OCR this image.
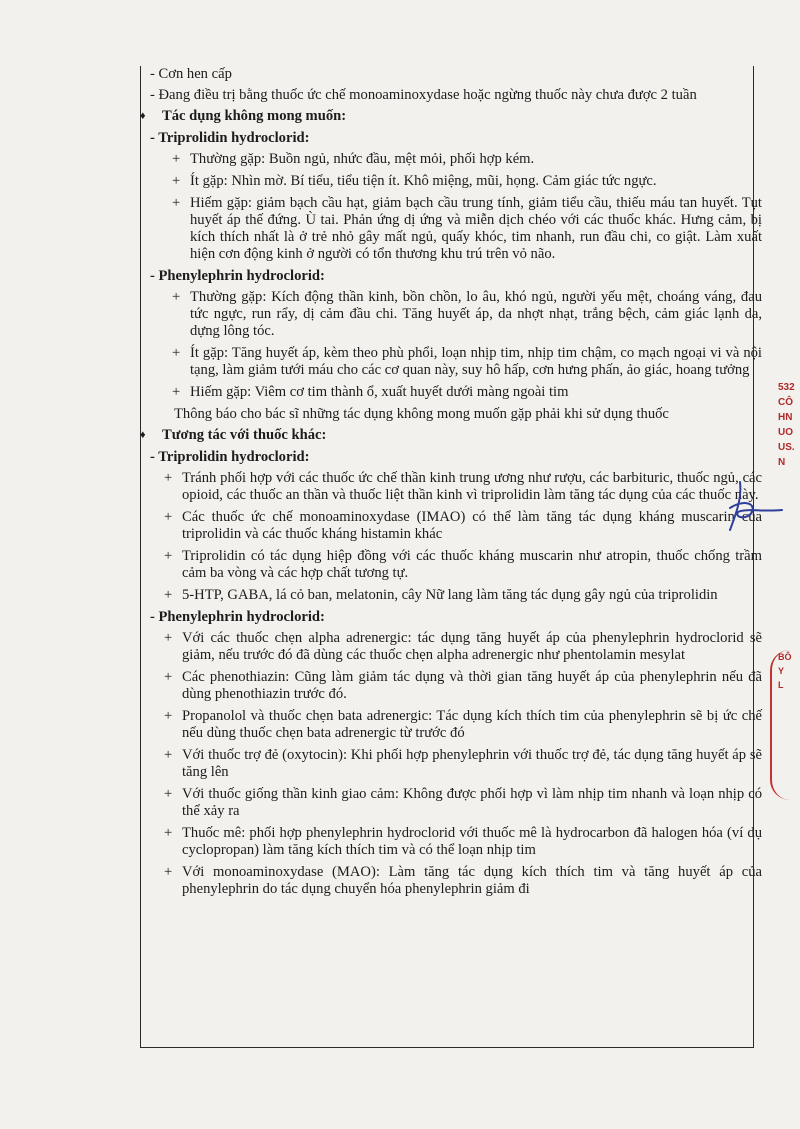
- Cơn hen cấp

- Đang điều trị bằng thuốc ức chế monoaminoxydase hoặc ngừng thuốc này chưa được 2 tuần

♦ Tác dụng không mong muốn:

- Triprolidin hydroclorid:

+ Thường gặp: Buồn ngủ, nhức đầu, mệt mỏi, phối hợp kém.
+ Ít gặp: Nhìn mờ. Bí tiểu, tiểu tiện ít. Khô miệng, mũi, họng. Cảm giác tức ngực.
+ Hiếm gặp: giảm bạch cầu hạt, giảm bạch cầu trung tính, giảm tiểu cầu, thiếu máu tan huyết. Tụt huyết áp thế đứng. Ù tai. Phản ứng dị ứng và miễn dịch chéo với các thuốc khác. Hưng cảm, bị kích thích nhất là ở trẻ nhỏ gây mất ngủ, quấy khóc, tim nhanh, run đầu chi, co giật. Làm xuất hiện cơn động kinh ở người có tổn thương khu trú trên vỏ não.

- Phenylephrin hydroclorid:

+ Thường gặp: Kích động thần kinh, bồn chồn, lo âu, khó ngủ, người yếu mệt, choáng váng, đau tức ngực, run rẩy, dị cảm đầu chi. Tăng huyết áp, da nhợt nhạt, trắng bệch, cảm giác lạnh da, dựng lông tóc.
+ Ít gặp: Tăng huyết áp, kèm theo phù phổi, loạn nhịp tim, nhịp tim chậm, co mạch ngoại vi và nội tạng, làm giảm tưới máu cho các cơ quan này, suy hô hấp, cơn hưng phấn, ảo giác, hoang tưởng
+ Hiếm gặp: Viêm cơ tim thành ổ, xuất huyết dưới màng ngoài tim

Thông báo cho bác sĩ những tác dụng không mong muốn gặp phải khi sử dụng thuốc

♦ Tương tác với thuốc khác:

- Triprolidin hydroclorid:

+ Tránh phối hợp với các thuốc ức chế thần kinh trung ương như rượu, các barbituric, thuốc ngủ, các opioid, các thuốc an thần và thuốc liệt thần kinh vì triprolidin làm tăng tác dụng của các thuốc này.
+ Các thuốc ức chế monoaminoxydase (IMAO) có thể làm tăng tác dụng kháng muscarin của triprolidin và các thuốc kháng histamin khác
+ Triprolidin có tác dụng hiệp đồng với các thuốc kháng muscarin như atropin, thuốc chống trầm cảm ba vòng và các hợp chất tương tự.
+ 5-HTP, GABA, lá cỏ ban, melatonin, cây Nữ lang làm tăng tác dụng gây ngủ của triprolidin

- Phenylephrin hydroclorid:

+ Với các thuốc chẹn alpha adrenergic: tác dụng tăng huyết áp của phenylephrin hydroclorid sẽ giảm, nếu trước đó đã dùng các thuốc chẹn alpha adrenergic như phentolamin mesylat
+ Các phenothiazin: Cũng làm giảm tác dụng và thời gian tăng huyết áp của phenylephrin nếu đã dùng phenothiazin trước đó.
+ Propanolol và thuốc chẹn bata adrenergic: Tác dụng kích thích tim của phenylephrin sẽ bị ức chế nếu dùng thuốc chẹn bata adrenergic từ trước đó
+ Với thuốc trợ đẻ (oxytocin): Khi phối hợp phenylephrin với thuốc trợ đẻ, tác dụng tăng huyết áp sẽ tăng lên
+ Với thuốc giống thần kinh giao cảm: Không được phối hợp vì làm nhịp tim nhanh và loạn nhịp có thể xảy ra
+ Thuốc mê: phối hợp phenylephrin hydroclorid với thuốc mê là hydrocarbon đã halogen hóa (ví dụ cyclopropan) làm tăng kích thích tim và có thể loạn nhịp tim
+ Với monoaminoxydase (MAO): Làm tăng tác dụng kích thích tim và tăng huyết áp của phenylephrin do tác dụng chuyển hóa phenylephrin giảm đi
532
CÔ
HN
UO
US.
N
BÔ
Y
L
